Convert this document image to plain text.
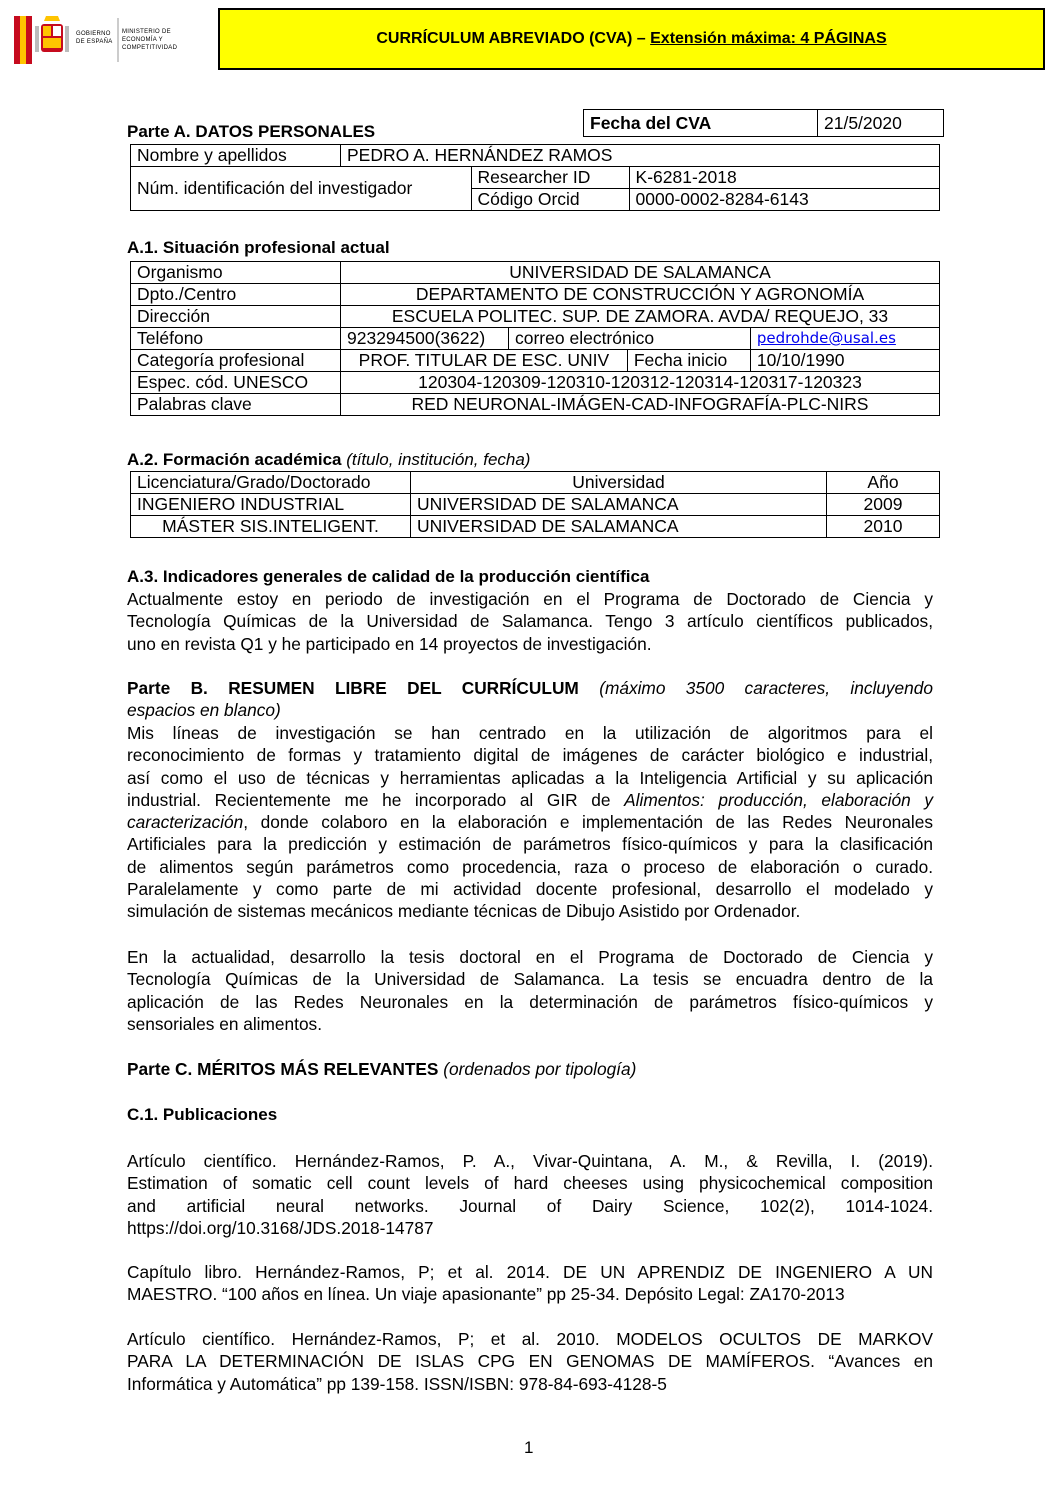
GOBIERNO DE ESPAÑA
MINISTERIO DE ECONOMÍA Y COMPETITIVIDAD
CURRÍCULUM ABREVIADO (CVA) –
Extensión máxima: 4 PÁGINAS
Parte A. DATOS PERSONALES	Fecha del CVA	21/5/2020
Nombre y apellidos	PEDRO A. HERNÁNDEZ RAMOS		
Núm. identificación del investigador		Researcher ID	K-6281-2018
		Código Orcid	0000-0002-8284-6143
A.1. Situación profesional actual
Organismo	UNIVERSIDAD DE SALAMANCA			
Dpto./Centro	DEPARTAMENTO DE CONSTRUCCIÓN Y AGRONOMÍA			
Dirección	ESCUELA POLITEC. SUP. DE ZAMORA. AVDA/ REQUEJO, 33			
Teléfono	923294500(3622)	correo electrónico		pedrohde@usal.es
Categoría profesional	PROF. TITULAR DE ESC. UNIV		Fecha inicio	10/10/1990
Espec. cód. UNESCO	120304-120309-120310-120312-120314-120317-120323			
Palabras clave	RED NEURONAL-IMÁGEN-CAD-INFOGRAFÍA-PLC-NIRS			
A.2. Formación académica (título, institución, fecha)
Licenciatura/Grado/Doctorado	Universidad	Año
INGENIERO INDUSTRIAL	UNIVERSIDAD DE SALAMANCA	2009
MÁSTER SIS.INTELIGENT.	UNIVERSIDAD DE SALAMANCA	2010
A.3. Indicadores generales de calidad de la producción científica
Actualmente estoy en periodo de investigación en el Programa de Doctorado de Ciencia y
Tecnología Químicas de la Universidad de Salamanca. Tengo 3 artículo científicos publicados,
uno en revista Q1 y he participado en 14 proyectos de investigación.
Parte B. RESUMEN LIBRE DEL CURRÍCULUM (máximo 3500 caracteres, incluyendo
espacios en blanco)
Mis líneas de investigación se han centrado en la utilización de algoritmos para el
reconocimiento de formas y tratamiento digital de imágenes de carácter biológico e industrial,
así como el uso de técnicas y herramientas aplicadas a la Inteligencia Artificial y su aplicación
industrial. Recientemente me he incorporado al GIR de Alimentos: producción, elaboración y
caracterización, donde colaboro en la elaboración e implementación de las Redes Neuronales
Artificiales para la predicción y estimación de parámetros físico-químicos y para la clasificación
de alimentos según parámetros como procedencia, raza o proceso de elaboración o curado.
Paralelamente y como parte de mi actividad docente profesional, desarrollo el modelado y
simulación de sistemas mecánicos mediante técnicas de Dibujo Asistido por Ordenador.
En la actualidad, desarrollo la tesis doctoral en el Programa de Doctorado de Ciencia y
Tecnología Químicas de la Universidad de Salamanca. La tesis se encuadra dentro de la
aplicación de las Redes Neuronales en la determinación de parámetros físico-químicos y
sensoriales en alimentos.
Parte C. MÉRITOS MÁS RELEVANTES (ordenados por tipología)
C.1. Publicaciones
Artículo científico. Hernández-Ramos, P. A., Vivar-Quintana, A. M., & Revilla, I. (2019).
Estimation of somatic cell count levels of hard cheeses using physicochemical composition
and artificial neural networks. Journal of Dairy Science, 102(2), 1014-1024.
https://doi.org/10.3168/JDS.2018-14787
Capítulo libro. Hernández-Ramos, P; et al. 2014. DE UN APRENDIZ DE INGENIERO A UN
MAESTRO. “100 años en línea. Un viaje apasionante” pp 25-34. Depósito Legal: ZA170-2013
Artículo científico. Hernández-Ramos, P; et al. 2010. MODELOS OCULTOS DE MARKOV
PARA LA DETERMINACIÓN DE ISLAS CPG EN GENOMAS DE MAMÍFEROS. “Avances en
Informática y Automática” pp 139-158. ISSN/ISBN: 978-84-693-4128-5
1
